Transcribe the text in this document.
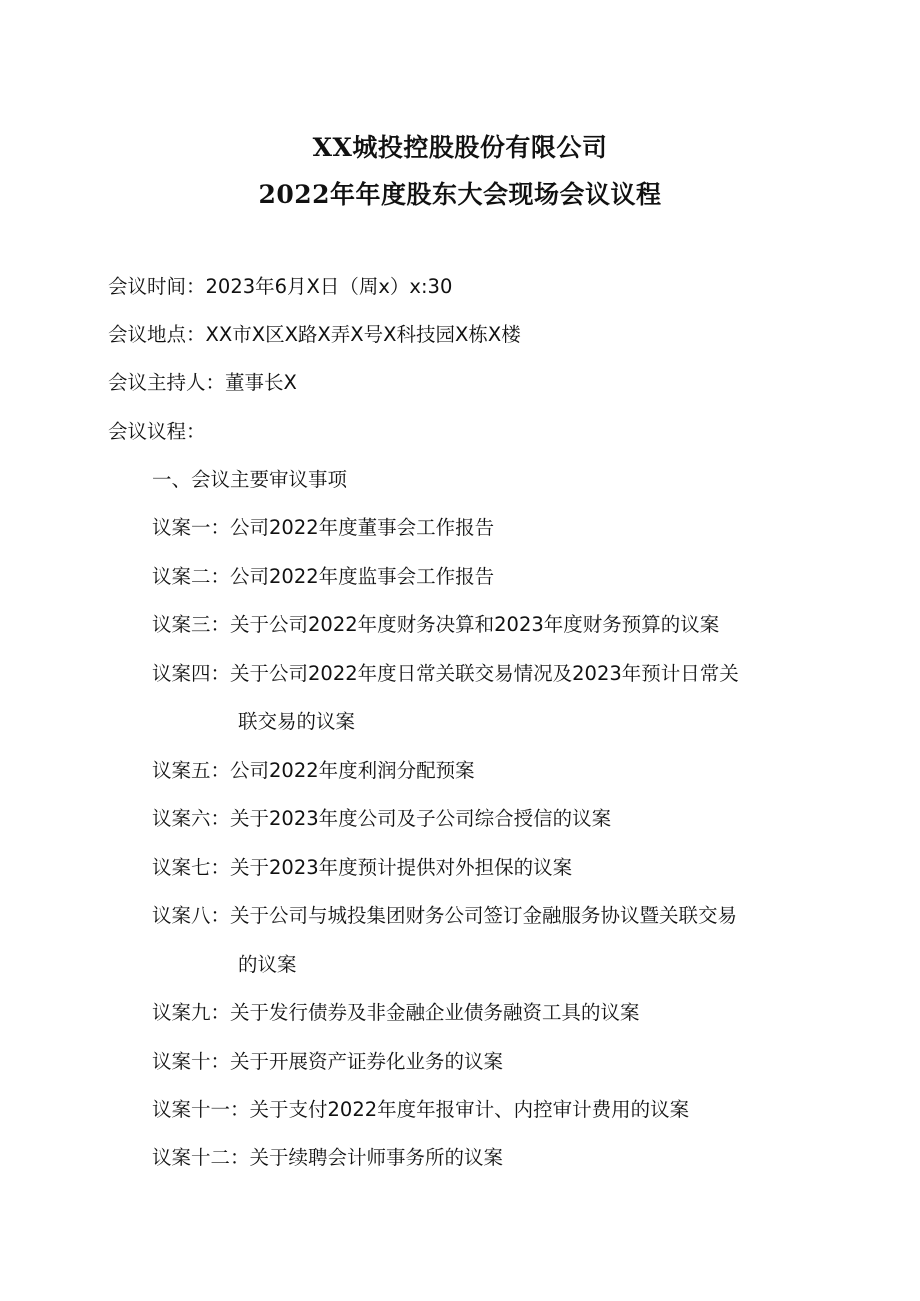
XX城投控股股份有限公司
2022年年度股东大会现场会议议程
会议时间：2023年6月X日（周x）x:30
会议地点：XX市X区X路X弄X号X科技园X栋X楼
会议主持人：董事长X
会议议程：
一、会议主要审议事项
议案一：公司2022年度董事会工作报告
议案二：公司2022年度监事会工作报告
议案三：关于公司2022年度财务决算和2023年度财务预算的议案
议案四：关于公司2022年度日常关联交易情况及2023年预计日常关
联交易的议案
议案五：公司2022年度利润分配预案
议案六：关于2023年度公司及子公司综合授信的议案
议案七：关于2023年度预计提供对外担保的议案
议案八：关于公司与城投集团财务公司签订金融服务协议暨关联交易
的议案
议案九：关于发行债券及非金融企业债务融资工具的议案
议案十：关于开展资产证券化业务的议案
议案十一：关于支付2022年度年报审计、内控审计费用的议案
议案十二：关于续聘会计师事务所的议案
